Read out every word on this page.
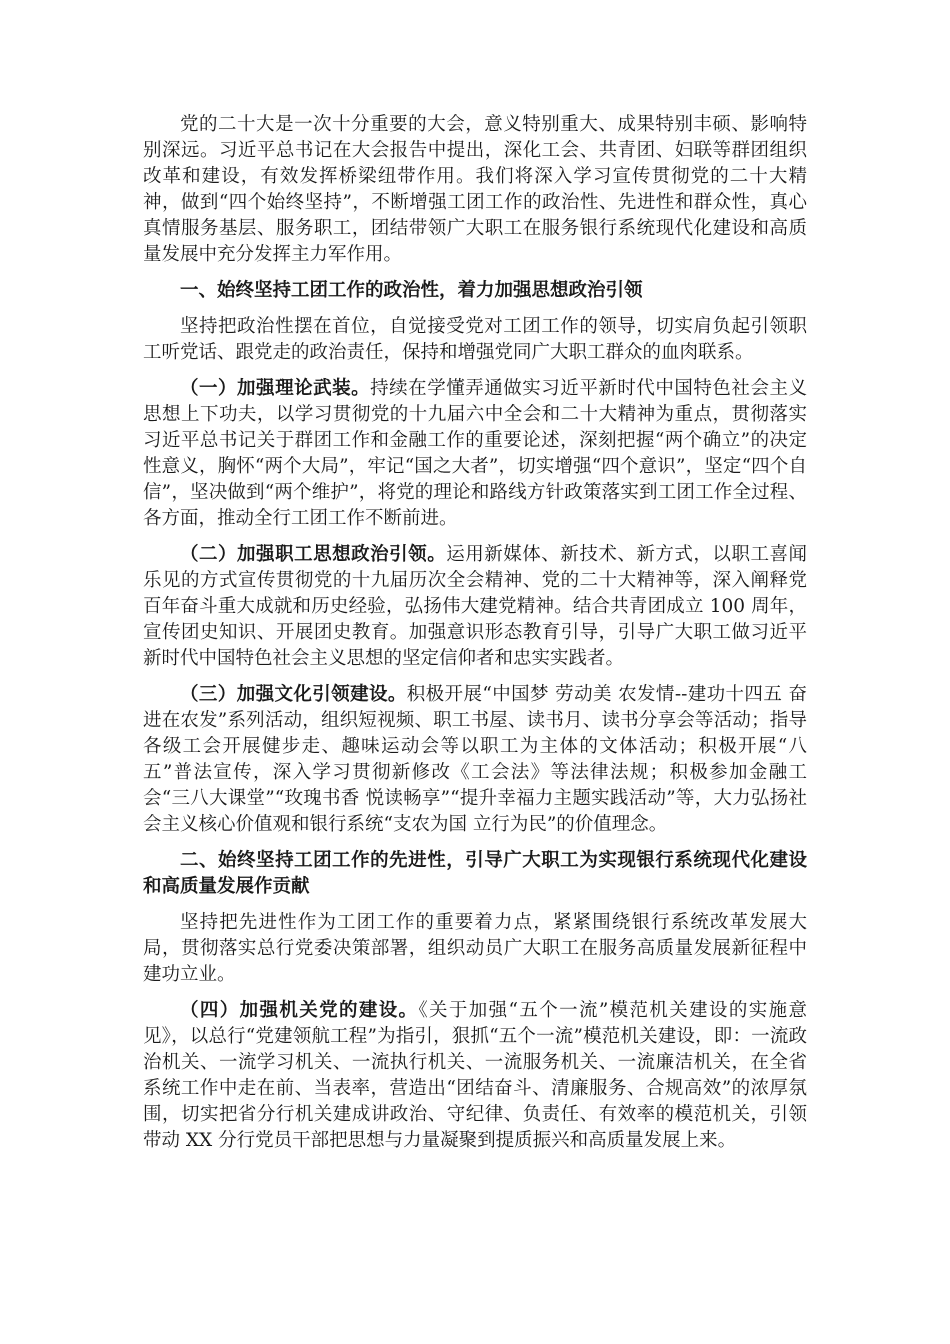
党的二十大是一次十分重要的大会，意义特别重大、成果特别丰硕、影响特别深远。习近平总书记在大会报告中提出，深化工会、共青团、妇联等群团组织改革和建设，有效发挥桥梁纽带作用。我们将深入学习宣传贯彻党的二十大精神，做到“四个始终坚持”，不断增强工团工作的政治性、先进性和群众性，真心真情服务基层、服务职工，团结带领广大职工在服务银行系统现代化建设和高质量发展中充分发挥主力军作用。

一、始终坚持工团工作的政治性，着力加强思想政治引领

坚持把政治性摆在首位，自觉接受党对工团工作的领导，切实肩负起引领职工听党话、跟党走的政治责任，保持和增强党同广大职工群众的血肉联系。

（一）加强理论武装。持续在学懂弄通做实习近平新时代中国特色社会主义思想上下功夫，以学习贯彻党的十九届六中全会和二十大精神为重点，贯彻落实习近平总书记关于群团工作和金融工作的重要论述，深刻把握“两个确立”的决定性意义，胸怀“两个大局”，牢记“国之大者”，切实增强“四个意识”，坚定“四个自信”，坚决做到“两个维护”，将党的理论和路线方针政策落实到工团工作全过程、各方面，推动全行工团工作不断前进。

（二）加强职工思想政治引领。运用新媒体、新技术、新方式，以职工喜闻乐见的方式宣传贯彻党的十九届历次全会精神、党的二十大精神等，深入阐释党百年奋斗重大成就和历史经验，弘扬伟大建党精神。结合共青团成立 100 周年，宣传团史知识、开展团史教育。加强意识形态教育引导，引导广大职工做习近平新时代中国特色社会主义思想的坚定信仰者和忠实实践者。

（三）加强文化引领建设。积极开展“中国梦 劳动美 农发情--建功十四五 奋进在农发”系列活动，组织短视频、职工书屋、读书月、读书分享会等活动；指导各级工会开展健步走、趣味运动会等以职工为主体的文体活动；积极开展“八五”普法宣传，深入学习贯彻新修改《工会法》等法律法规；积极参加金融工会“三八大课堂”“玫瑰书香 悦读畅享”“提升幸福力主题实践活动”等，大力弘扬社会主义核心价值观和银行系统“支农为国 立行为民”的价值理念。

二、始终坚持工团工作的先进性，引导广大职工为实现银行系统现代化建设和高质量发展作贡献

坚持把先进性作为工团工作的重要着力点，紧紧围绕银行系统改革发展大局，贯彻落实总行党委决策部署，组织动员广大职工在服务高质量发展新征程中建功立业。

（四）加强机关党的建设。《关于加强“五个一流”模范机关建设的实施意见》，以总行“党建领航工程”为指引，狠抓“五个一流”模范机关建设，即：一流政治机关、一流学习机关、一流执行机关、一流服务机关、一流廉洁机关，在全省系统工作中走在前、当表率，营造出“团结奋斗、清廉服务、合规高效”的浓厚氛围，切实把省分行机关建成讲政治、守纪律、负责任、有效率的模范机关，引领带动 XX 分行党员干部把思想与力量凝聚到提质振兴和高质量发展上来。
